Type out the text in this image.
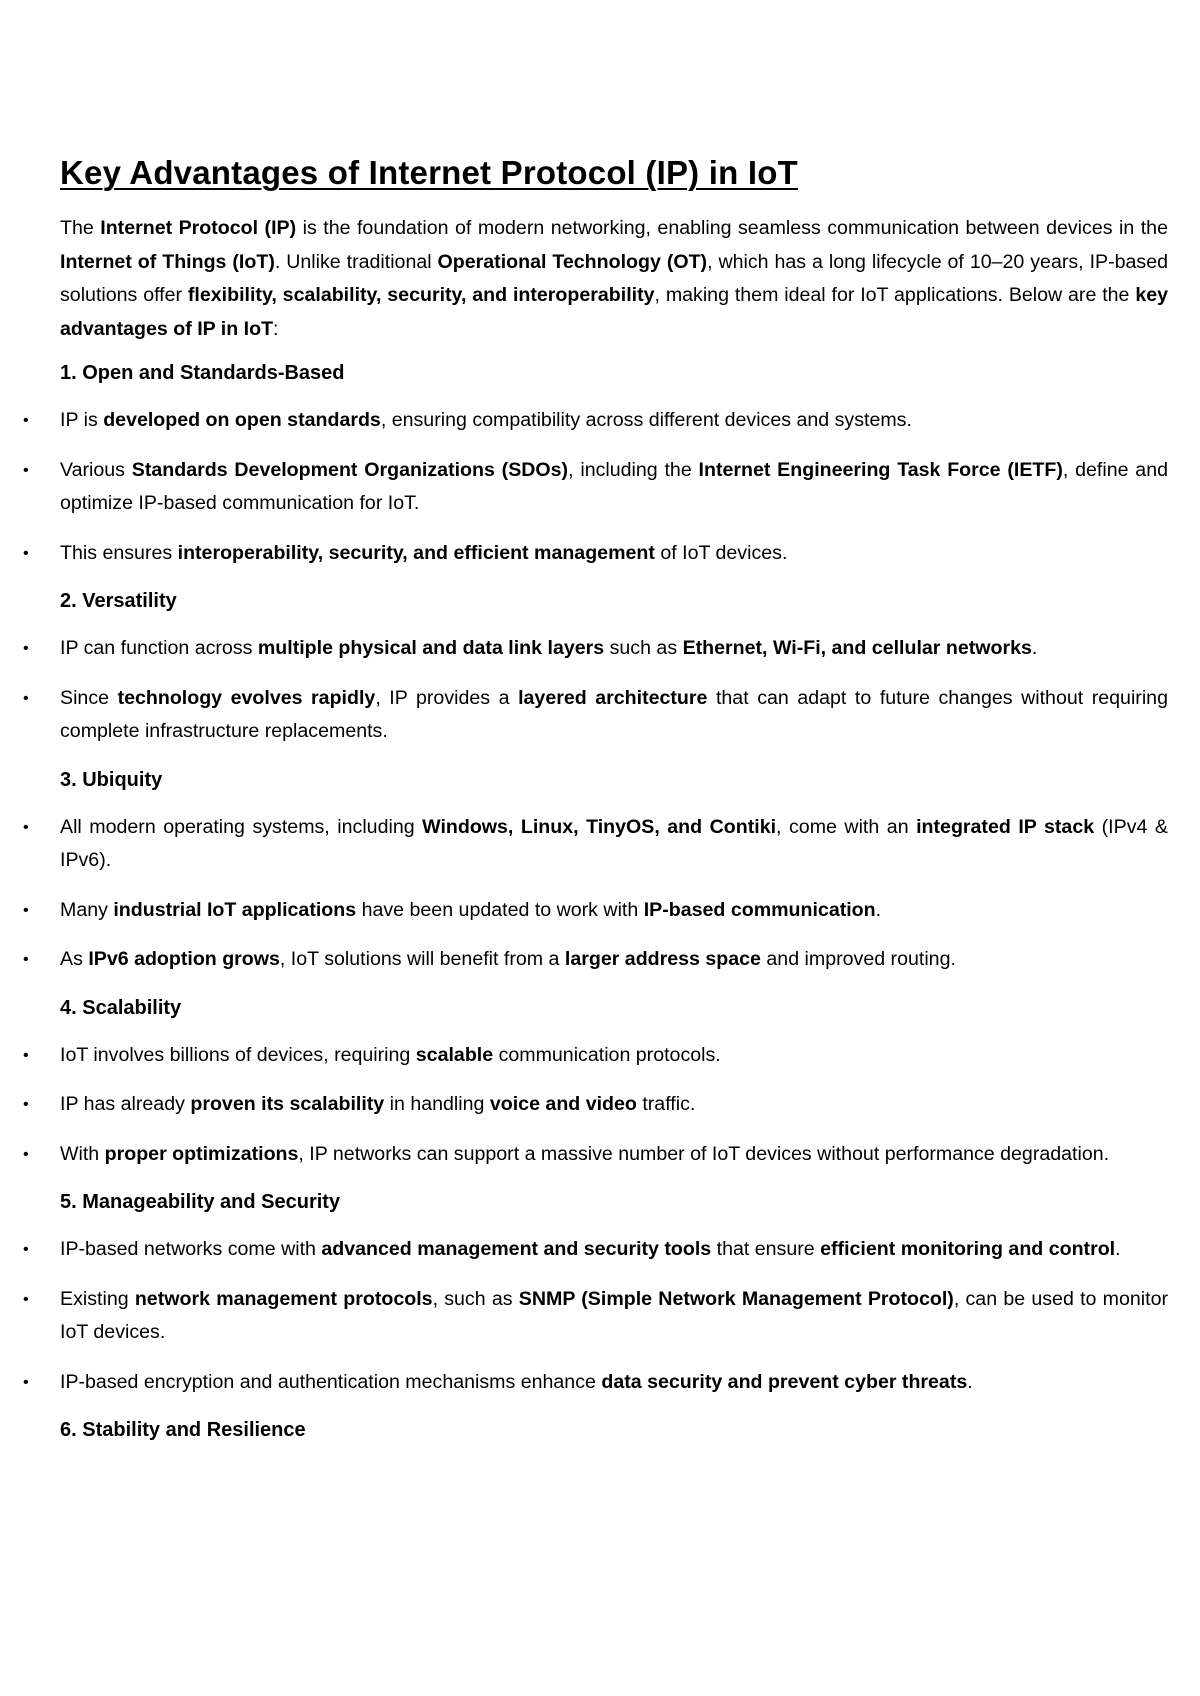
Key Advantages of Internet Protocol (IP) in IoT

The Internet Protocol (IP) is the foundation of modern networking, enabling seamless communication between devices in the Internet of Things (IoT). Unlike traditional Operational Technology (OT), which has a long lifecycle of 10–20 years, IP-based solutions offer flexibility, scalability, security, and interoperability, making them ideal for IoT applications. Below are the key advantages of IP in IoT:

1. Open and Standards-Based
• IP is developed on open standards, ensuring compatibility across different devices and systems.
• Various Standards Development Organizations (SDOs), including the Internet Engineering Task Force (IETF), define and optimize IP-based communication for IoT.
• This ensures interoperability, security, and efficient management of IoT devices.
2. Versatility
• IP can function across multiple physical and data link layers such as Ethernet, Wi-Fi, and cellular networks.
• Since technology evolves rapidly, IP provides a layered architecture that can adapt to future changes without requiring complete infrastructure replacements.
3. Ubiquity
• All modern operating systems, including Windows, Linux, TinyOS, and Contiki, come with an integrated IP stack (IPv4 & IPv6).
• Many industrial IoT applications have been updated to work with IP-based communication.
• As IPv6 adoption grows, IoT solutions will benefit from a larger address space and improved routing.
4. Scalability
• IoT involves billions of devices, requiring scalable communication protocols.
• IP has already proven its scalability in handling voice and video traffic.
• With proper optimizations, IP networks can support a massive number of IoT devices without performance degradation.
5. Manageability and Security
• IP-based networks come with advanced management and security tools that ensure efficient monitoring and control.
• Existing network management protocols, such as SNMP (Simple Network Management Protocol), can be used to monitor IoT devices.
• IP-based encryption and authentication mechanisms enhance data security and prevent cyber threats.
6. Stability and Resilience
